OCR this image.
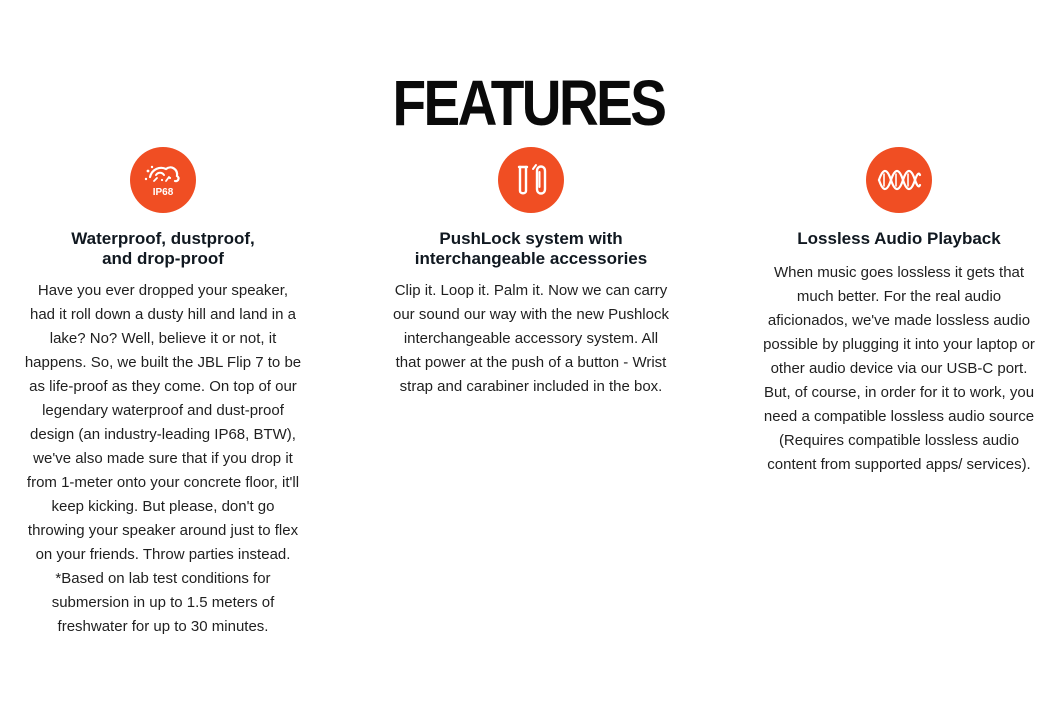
FEATURES
IP68
Waterproof, dustproof,
and drop-proof
Have you ever dropped your speaker, had it roll down a dusty hill and land in a lake? No? Well, believe it or not, it happens. So, we built the JBL Flip 7 to be as life-proof as they come. On top of our legendary waterproof and dust-proof design (an industry-leading IP68, BTW), we've also made sure that if you drop it from 1-meter onto your concrete floor, it'll keep kicking. But please, don't go throwing your speaker around just to flex on your friends. Throw parties instead. *Based on lab test conditions for submersion in up to 1.5 meters of freshwater for up to 30 minutes.
PushLock system with
interchangeable accessories
Clip it. Loop it. Palm it. Now we can carry our sound our way with the new Pushlock interchangeable accessory system. All that power at the push of a button - Wrist strap and carabiner included in the box.
Lossless Audio Playback
When music goes lossless it gets that much better. For the real audio aficionados, we've made lossless audio possible by plugging it into your laptop or other audio device via our USB-C port. But, of course, in order for it to work, you need a compatible lossless audio source (Requires compatible lossless audio content from supported apps/ services).
